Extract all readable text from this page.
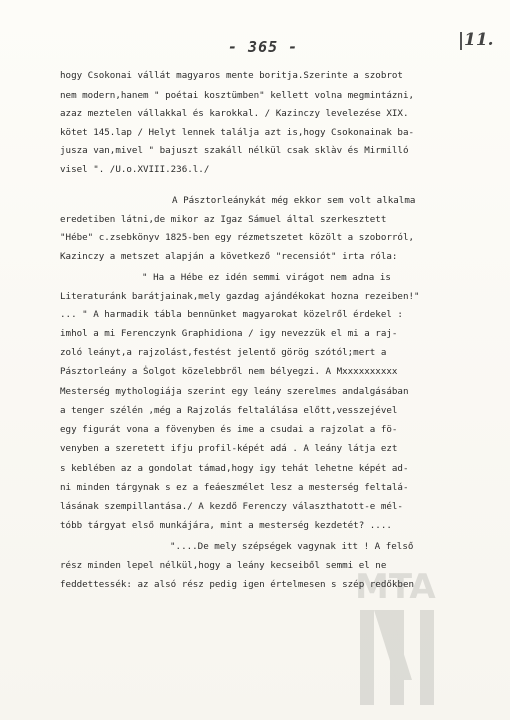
- 365 -	11.
hogy Csokonai vállát magyaros mente boritja.Szerinte a szobrot
nem modern,hanem " poétai kosztümben" kellett volna megmintázni,
azaz meztelen vállakkal és karokkal. / Kazinczy levelezése XIX.
kötet 145.lap / Helyt lennek találja azt is,hogy Csokonainak ba-
jusza van,mivel " bajuszt szakáll nélkül csak sklàv és Mirmilló
visel ". /U.o.XVIII.236.l./
A Pásztorleánykát még ekkor sem volt alkalma
eredetiben látni,de mikor az Igaz Sámuel által szerkesztett
"Hébe" c.zsebkönyv 1825-ben egy rézmetszetet közölt a szoborról,
Kazinczy a metszet alapján a következő "recensiót" irta róla:
" Ha a Hébe ez idén semmi virágot nem adna is
Literaturánk barátjainak,mely gazdag ajándékokat hozna rezeiben!"
... " A harmadik tábla bennünket magyarokat közelről érdekel :
imhol a mi Ferenczynk Graphidiona / igy nevezzük el mi a raj-
zoló leányt,a rajzolást,festést jelentő görög szótól;mert a
Pásztorleány a Ṡolgot közelebbről nem bélyegzi. A Mxxxxxxxxxx
Mesterség mythologiája szerint egy leány szerelmes andalgásában
a tenger szélén ,még a Rajzolás feltalálása előtt,vesszejével
egy figurát vona a fövenyben és ime a csudai a rajzolat a fö-
venyben a szeretett ifju profil-képét adá . A leány látja ezt
s keblében az a gondolat támad,hogy igy tehát lehetne képét ad-
ni minden tárgynak s ez a feáeszmélet lesz a mesterség feltalá-
lásának szempillantása./ A kezdő Ferenczy választhatott-e mél-
tóbb tárgyat első munkájára, mint a mesterség kezdetét? ....
"....De mely szépségek vagynak itt ! A felső
rész minden lepel nélkül,hogy a leány kecseiből semmi el ne
feddettessék: az alsó rész pedig igen értelmesen s szép redőkben
MTA
